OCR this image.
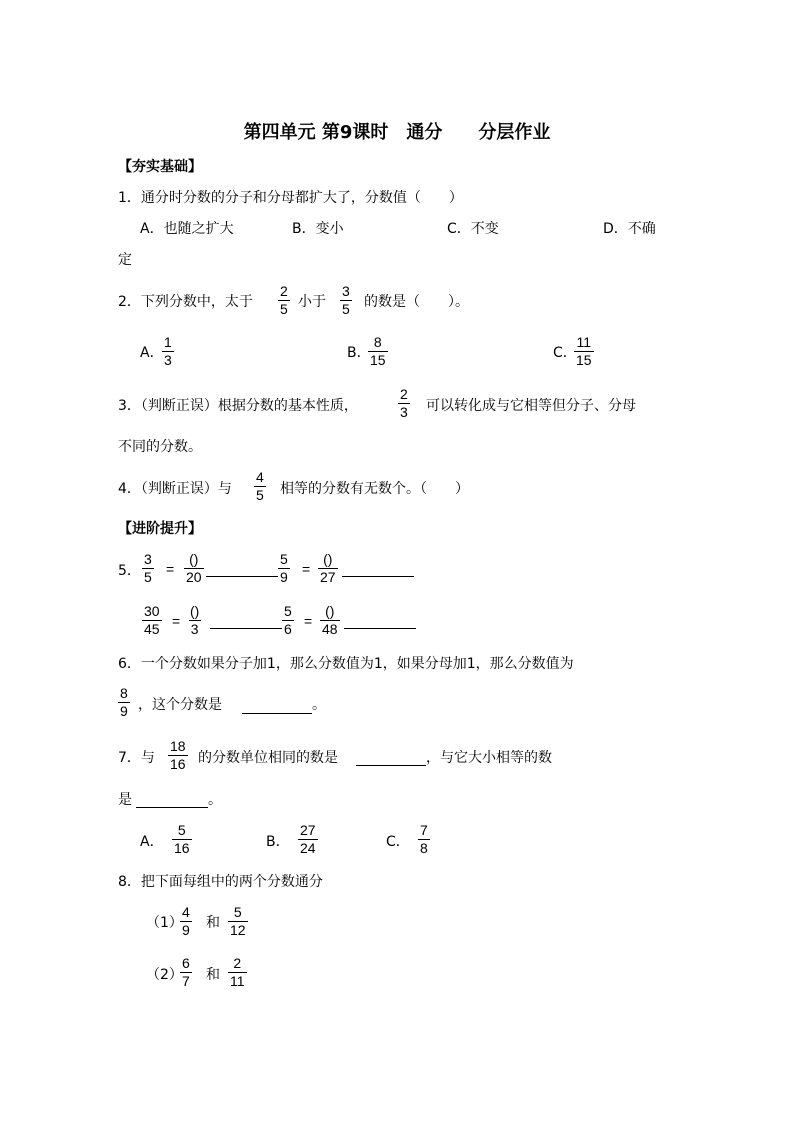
第四单元 第9课时　通分　　分层作业
【夯实基础】
1．通分时分数的分子和分母都扩大了，分数值（　　）
A．也随之扩大	B．变小	C．不变	D．不确
定
2．下列分数中，太于 $\frac{2}{5}$ 小于 $\frac{3}{5}$ 的数是（　　）。
A．
$\frac{1}{3}$	B．
$\frac{8}{15}$	C．
$\frac{11}{15}$
3．（判断正误）根据分数的基本性质，	$\frac{2}{3}$ 可以转化成与它相等但分子、分母
不同的分数。
4．（判断正误）与 $\frac{4}{5}$ 相等的分数有无数个。（　　）
【进阶提升】
5． $\frac{3}{5}$ =
()
20	$\frac{5}{9}$ =
()
27
$\frac{30}{45}$ =
()
3	$\frac{5}{6}$ =
()
48
6．一个分数如果分子加1，那么分数值为1，如果分母加1，那么分数值为
$\frac{8}{9}$ ，这个分数是	。
7．与 $\frac{18}{16}$ 的分数单位相同的数是	，与它大小相等的数
是	。
A． $\frac{5}{16}$	B． $\frac{27}{24}$	C． $\frac{7}{8}$
8．把下面每组中的两个分数通分
（1）
$\frac{4}{9}$ 和 $\frac{5}{12}$
（2）
$\frac{6}{7}$ 和 $\frac{2}{11}$
